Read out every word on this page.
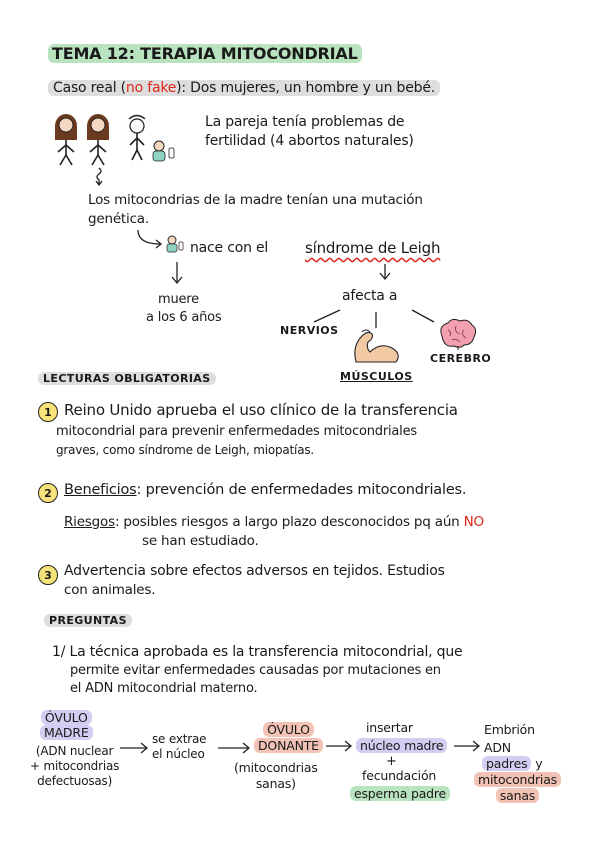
TEMA 12: TERAPIA MITOCONDRIAL
Caso real (no fake): Dos mujeres, un hombre y un bebé.
La pareja tenía problemas de
fertilidad (4 abortos naturales)
Los mitocondrias de la madre tenían una mutación
genética.
nace con el síndrome de Leigh
muere
a los 6 años
afecta a
NERVIOS
MÚSCULOS
CEREBRO
LECTURAS OBLIGATORIAS
1 Reino Unido aprueba el uso clínico de la transferencia
mitocondrial para prevenir enfermedades mitocondriales
graves, como síndrome de Leigh, miopatías.
2 Beneficios: prevención de enfermedades mitocondriales.
Riesgos: posibles riesgos a largo plazo desconocidos pq aún NO
se han estudiado.
3 Advertencia sobre efectos adversos en tejidos. Estudios
con animales.
PREGUNTAS
1/ La técnica aprobada es la transferencia mitocondrial, que
permite evitar enfermedades causadas por mutaciones en
el ADN mitocondrial materno.
ÓVULO
MADRE
(ADN nuclear
+ mitocondrias
defectuosas)
se extrae
el núcleo
ÓVULO
DONANTE
(mitocondrias
sanas)
insertar
núcleo madre
+
fecundación
esperma padre
Embrión
ADN
padres y
mitocondrias
sanas
